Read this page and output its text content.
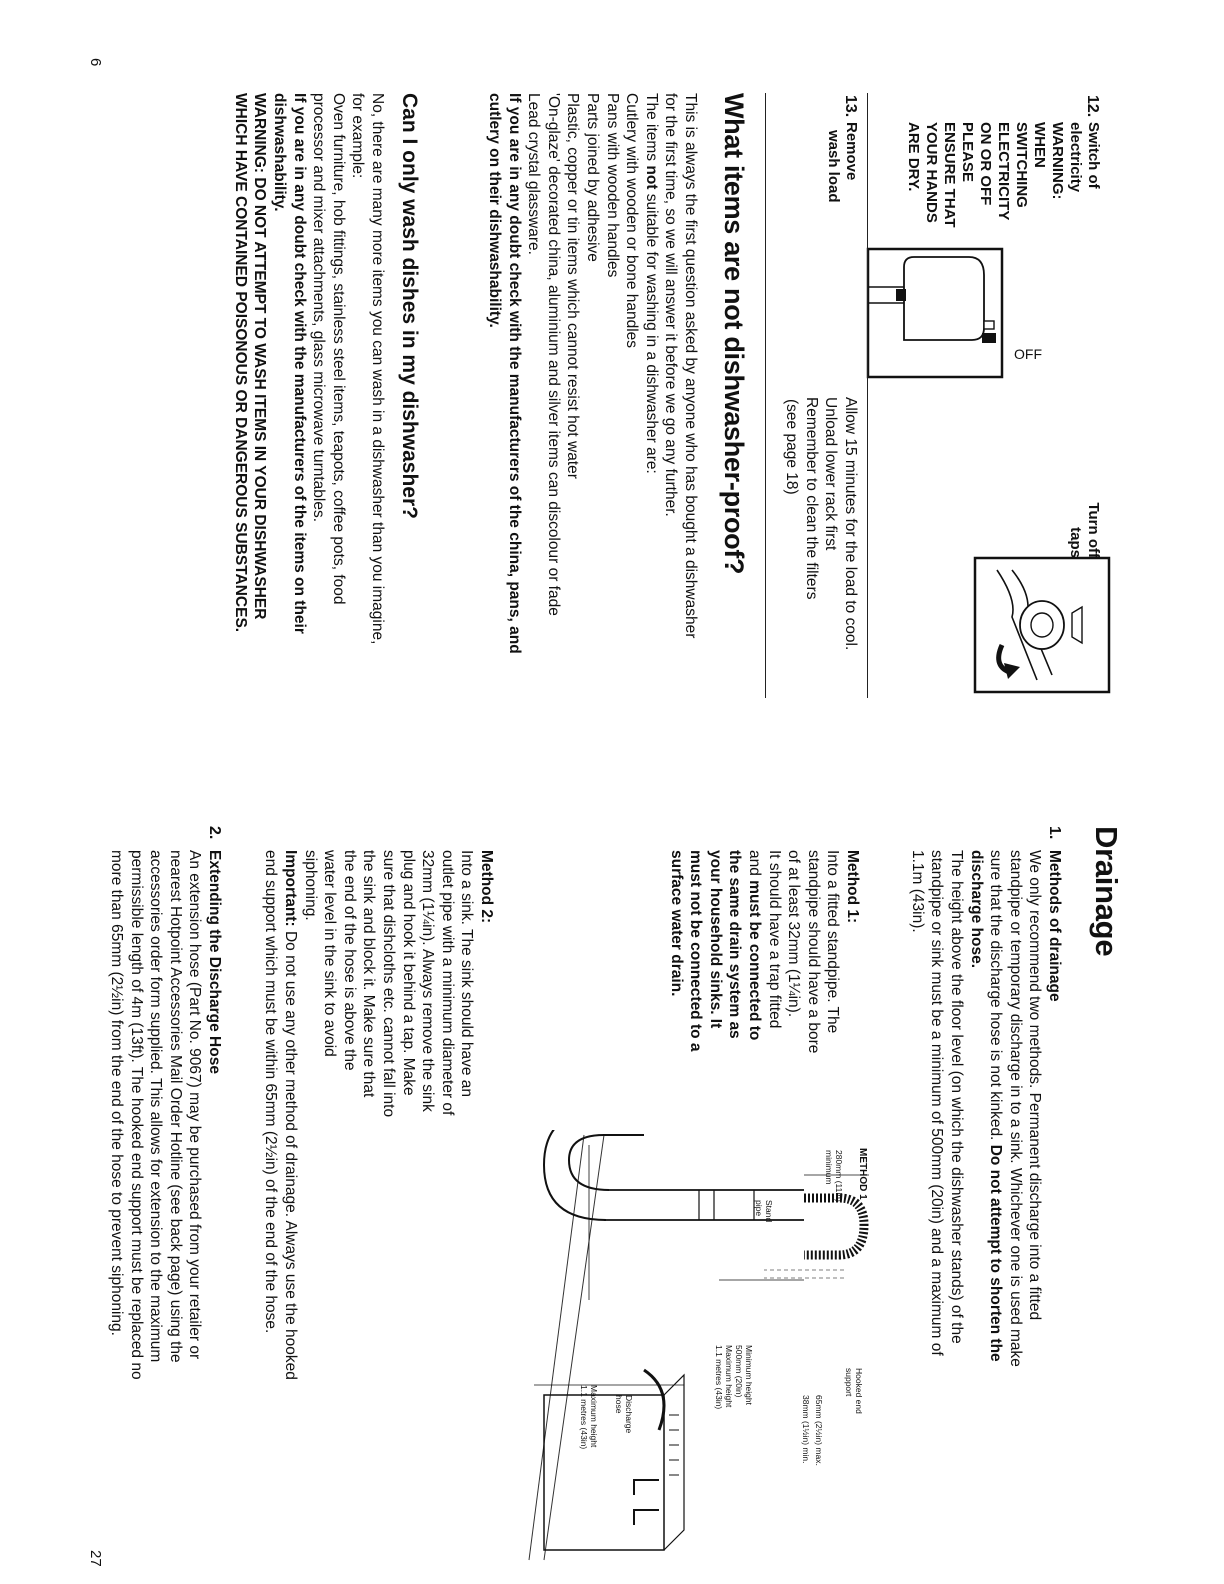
12.
Switch of
electricity
WARNING:
WHEN
SWITCHING
ELECTRICITY
ON OR OFF
PLEASE
ENSURE THAT
YOUR HANDS
ARE DRY.
OFF
Turn off
taps
13.
Remove
wash load
Allow 15 minutes for the load to cool.
Unload lower rack first
Remember to clean the filters
(see page 18)
What items are not dishwasher-proof?
This is always the first question asked by anyone who has bought a dishwasher
for the first time, so we will answer it before we go any further.
The items not suitable for washing in a dishwasher are:
Cutlery with wooden or bone handles
Pans with wooden handles
Parts joined by adhesive
Plastic, copper or tin items which cannot resist hot water
'On-glaze' decorated china, aluminium and silver items can discolour or fade
Lead crystal glassware.
If you are in any doubt check with the manufacturers of the china, pans, and
cutlery on their dishwashability.
Can I only wash dishes in my dishwasher?
No, there are many more items you can wash in a dishwasher than you imagine,
for example:
Oven furniture, hob fittings, stainless steel items, teapots, coffee pots, food
processor and mixer attachments, glass microwave turntables.
If you are in any doubt check with the manufacturers of the items on their
dishwashability.
WARNING: DO NOT ATTEMPT TO WASH ITEMS IN YOUR DISHWASHER
WHICH HAVE CONTAINED POISONOUS OR DANGEROUS SUBSTANCES.
6
Drainage
1.
Methods of drainage
We only recommend two methods. Permanent discharge into a fitted
standpipe or temporary discharge in to a sink. Whichever one is used make
sure that the discharge hose is not kinked. Do not attempt to shorten the
discharge hose.
The height above the floor level (on which the dishwasher stands) of the
standpipe or sink must be a minimum of 500mm (20in) and a maximum of
1.1m (43in).
Method 1:
Into a fitted standpipe. The
standpipe should have a bore
of at least 32mm (1¼in).
It should have a trap fitted
and must be connected to
the same drain system as
your household sinks. It
must not be connected to a
surface water drain.
Method 2:
Into a sink. The sink should have an
outlet pipe with a minimum diameter of
32mm (1¼in). Always remove the sink
plug and hook it behind a tap. Make
sure that dishcloths etc. cannot fall into
the sink and block it. Make sure that
the end of the hose is above the
water level in the sink to avoid
siphoning.
Important: Do not use any other method of drainage. Always use the hooked
end support which must be within 65mm (2½in) of the end of the hose.
2.
Extending the Discharge Hose
An extension hose (Part No. 9067) may be purchased from your retailer or
nearest Hotpoint Accessories Mail Order Hotline (see back page) using the
accessories order form supplied. This allows for extension to the maximum
permissible length of 4m (13ft). The hooked end support must be replaced no
more than 65mm (2½in) from the end of the hose to prevent siphoning.	METHOD 1
Hooked end
support
65mm (2½in) max.
38mm (1½in) min.
Stand
pipe
Minimum height
500mm (20in)
Maximum height
1.1 metres (43in)
280mm (11in)
minimum
Discharge
hose
Maximum height
1.1 metres (43in)
27
